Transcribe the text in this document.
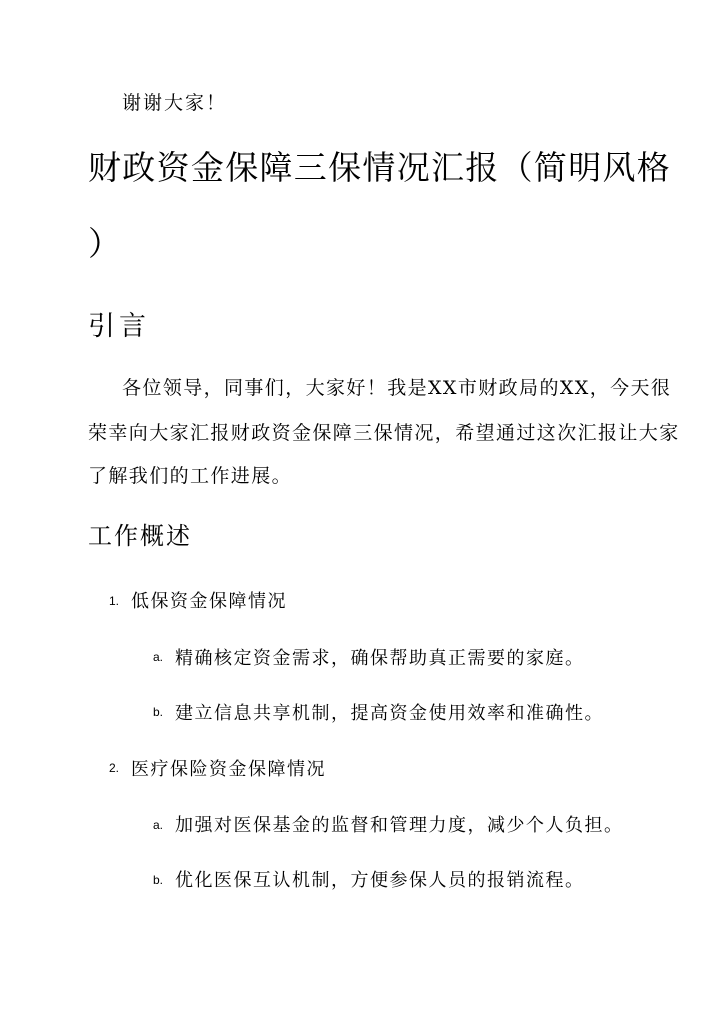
谢谢大家！
财政资金保障三保情况汇报（简明风格
）
引言
各位领导，同事们，大家好！我是XX市财政局的XX，今天很
荣幸向大家汇报财政资金保障三保情况，希望通过这次汇报让大家
了解我们的工作进展。
工作概述
1. 低保资金保障情况
a. 精确核定资金需求，确保帮助真正需要的家庭。
b. 建立信息共享机制，提高资金使用效率和准确性。
2. 医疗保险资金保障情况
a. 加强对医保基金的监督和管理力度，减少个人负担。
b. 优化医保互认机制，方便参保人员的报销流程。
